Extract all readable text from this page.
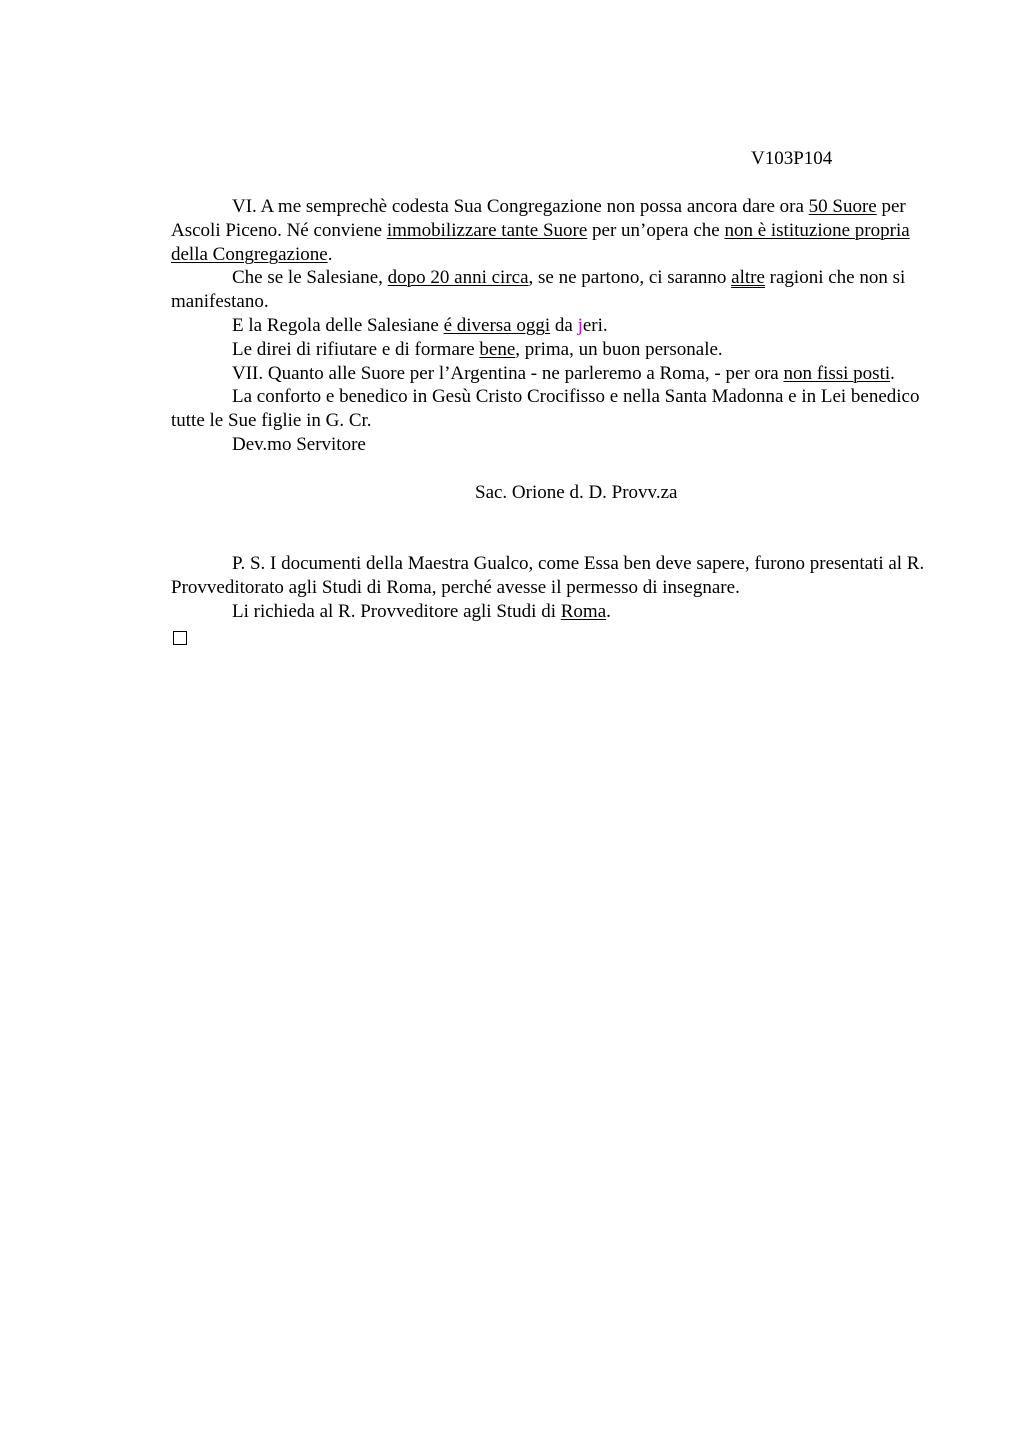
V103P104

VI. A me semprechè codesta Sua Congregazione non possa ancora dare ora 50 Suore per Ascoli Piceno. Né conviene immobilizzare tante Suore per un’opera che non è istituzione propria della Congregazione.

Che se le Salesiane, dopo 20 anni circa, se ne partono, ci saranno altre ragioni che non si manifestano.

E la Regola delle Salesiane é diversa oggi da jeri.

Le direi di rifiutare e di formare bene, prima, un buon personale.

VII. Quanto alle Suore per l’Argentina - ne parleremo a Roma, - per ora non fissi posti.

La conforto e benedico in Gesù Cristo Crocifisso e nella Santa Madonna e in Lei benedico tutte le Sue figlie in G. Cr.

Dev.mo Servitore

Sac. Orione d. D. Provv.za

P. S. I documenti della Maestra Gualco, come Essa ben deve sapere, furono presentati al R. Provveditorato agli Studi di Roma, perché avesse il permesso di insegnare.

Li richieda al R. Provveditore agli Studi di Roma.
